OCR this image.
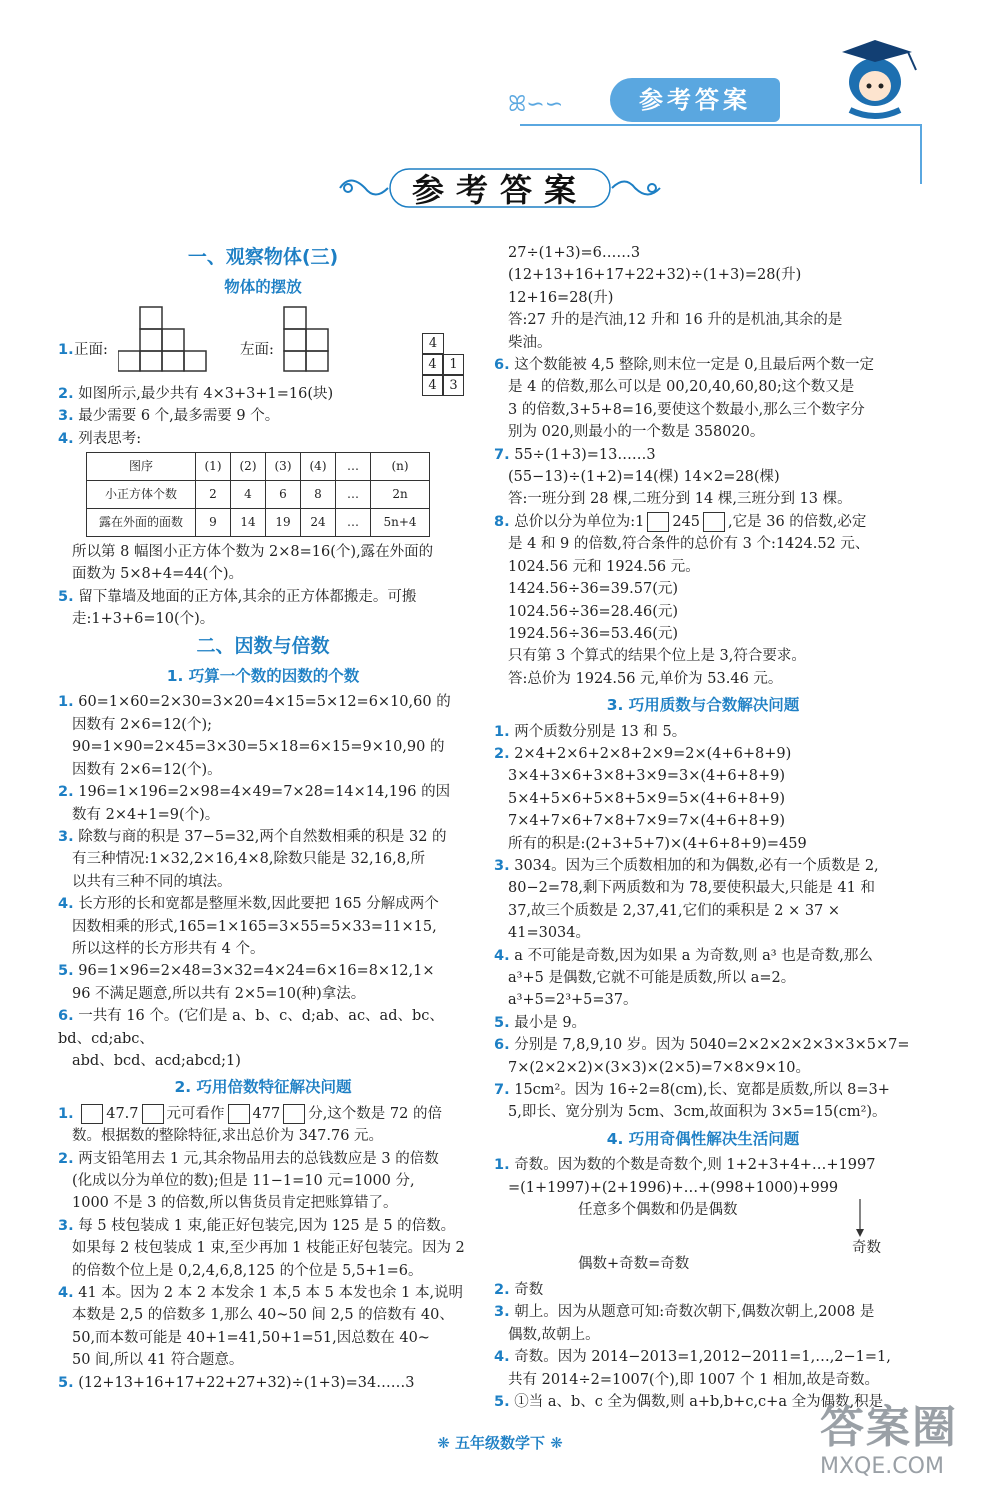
ꕤ∽∽	参考答案
参考答案
一、观察物体(三)
物体的摆放
1. 正面:	左面:	4
4 1
4 3

2. 如图所示,最少共有 4×3+3+1=16(块)

3. 最少需要 6 个,最多需要 9 个。

4. 列表思考:

图序	(1)	(2)	(3)	(4)	…	(n)
小正方体个数	2	4	6	8	…	2n
露在外面的面数	9	14	19	24	…	5n+4

所以第 8 幅图小正方体个数为 2×8=16(个),露在外面的

面数为 5×8+4=44(个)。

5. 留下靠墙及地面的正方体,其余的正方体都搬走。可搬

走:1+3+6=10(个)。

二、因数与倍数
1. 巧算一个数的因数的个数

1. 60=1×60=2×30=3×20=4×15=5×12=6×10,60 的

因数有 2×6=12(个);

90=1×90=2×45=3×30=5×18=6×15=9×10,90 的

因数有 2×6=12(个)。

2. 196=1×196=2×98=4×49=7×28=14×14,196 的因

数有 2×4+1=9(个)。

3. 除数与商的积是 37−5=32,两个自然数相乘的积是 32 的

有三种情况:1×32,2×16,4×8,除数只能是 32,16,8,所

以共有三种不同的填法。

4. 长方形的长和宽都是整厘米数,因此要把 165 分解成两个

因数相乘的形式,165=1×165=3×55=5×33=11×15,

所以这样的长方形共有 4 个。

5. 96=1×96=2×48=3×32=4×24=6×16=8×12,1×

96 不满足题意,所以共有 2×5=10(种)拿法。

6. 一共有 16 个。(它们是 a、b、c、d;ab、ac、ad、bc、bd、cd;abc、

abd、bcd、acd;abcd;1)

2. 巧用倍数特征解决问题

1. 47.7 元可看作 477 分,这个数是 72 的倍

数。根据数的整除特征,求出总价为 347.76 元。

2. 两支铅笔用去 1 元,其余物品用去的总钱数应是 3 的倍数

(化成以分为单位的数);但是 11−1=10 元=1000 分,

1000 不是 3 的倍数,所以售货员肯定把账算错了。

3. 每 5 枝包装成 1 束,能正好包装完,因为 125 是 5 的倍数。

如果每 2 枝包装成 1 束,至少再加 1 枝能正好包装完。因为 2

的倍数个位上是 0,2,4,6,8,125 的个位是 5,5+1=6。

4. 41 本。因为 2 本 2 本发余 1 本,5 本 5 本发也余 1 本,说明

本数是 2,5 的倍数多 1,那么 40~50 间 2,5 的倍数有 40、

50,而本数可能是 40+1=41,50+1=51,因总数在 40~

50 间,所以 41 符合题意。

5. (12+13+16+17+22+27+32)÷(1+3)=34……3

27÷(1+3)=6……3

(12+13+16+17+22+32)÷(1+3)=28(升)

12+16=28(升)

答:27 升的是汽油,12 升和 16 升的是机油,其余的是

柴油。

6. 这个数能被 4,5 整除,则末位一定是 0,且最后两个数一定

是 4 的倍数,那么可以是 00,20,40,60,80;这个数又是

3 的倍数,3+5+8=16,要使这个数最小,那么三个数字分

别为 020,则最小的一个数是 358020。

7. 55÷(1+3)=13……3

(55−13)÷(1+2)=14(棵) 14×2=28(棵)

答:一班分到 28 棵,二班分到 14 棵,三班分到 13 棵。

8. 总价以分为单位为:1 245 ,它是 36 的倍数,必定

是 4 和 9 的倍数,符合条件的总价有 3 个:1424.52 元、

1024.56 元和 1924.56 元。

1424.56÷36=39.57(元)

1024.56÷36=28.46(元)

1924.56÷36=53.46(元)

只有第 3 个算式的结果个位上是 3,符合要求。

答:总价为 1924.56 元,单价为 53.46 元。

3. 巧用质数与合数解决问题

1. 两个质数分别是 13 和 5。

2. 2×4+2×6+2×8+2×9=2×(4+6+8+9)

3×4+3×6+3×8+3×9=3×(4+6+8+9)

5×4+5×6+5×8+5×9=5×(4+6+8+9)

7×4+7×6+7×8+7×9=7×(4+6+8+9)

所有的积是:(2+3+5+7)×(4+6+8+9)=459

3. 3034。因为三个质数相加的和为偶数,必有一个质数是 2,

80−2=78,剩下两质数和为 78,要使积最大,只能是 41 和

37,故三个质数是 2,37,41,它们的乘积是 2 × 37 ×

41=3034。

4. a 不可能是奇数,因为如果 a 为奇数,则 a³ 也是奇数,那么

a³+5 是偶数,它就不可能是质数,所以 a=2。

a³+5=2³+5=37。

5. 最小是 9。

6. 分别是 7,8,9,10 岁。因为 5040=2×2×2×2×3×3×5×7=

7×(2×2×2)×(3×3)×(2×5)=7×8×9×10。

7. 15cm²。因为 16÷2=8(cm),长、宽都是质数,所以 8=3+

5,即长、宽分别为 5cm、3cm,故面积为 3×5=15(cm²)。

4. 巧用奇偶性解决生活问题

1. 奇数。因为数的个数是奇数个,则 1+2+3+4+…+1997

=(1+1997)+(2+1996)+…+(998+1000)+999

任意多个偶数和仍是偶数
奇数
偶数+奇数=奇数

2. 奇数

3. 朝上。因为从题意可知:奇数次朝下,偶数次朝上,2008 是

偶数,故朝上。

4. 奇数。因为 2014−2013=1,2012−2011=1,…,2−1=1,

共有 2014÷2=1007(个),即 1007 个 1 相加,故是奇数。

5. ①当 a、b、c 全为偶数,则 a+b,b+c,c+a 全为偶数,积是

❋ 五年级数学下 ❋	答案圈
MXQE.COM
